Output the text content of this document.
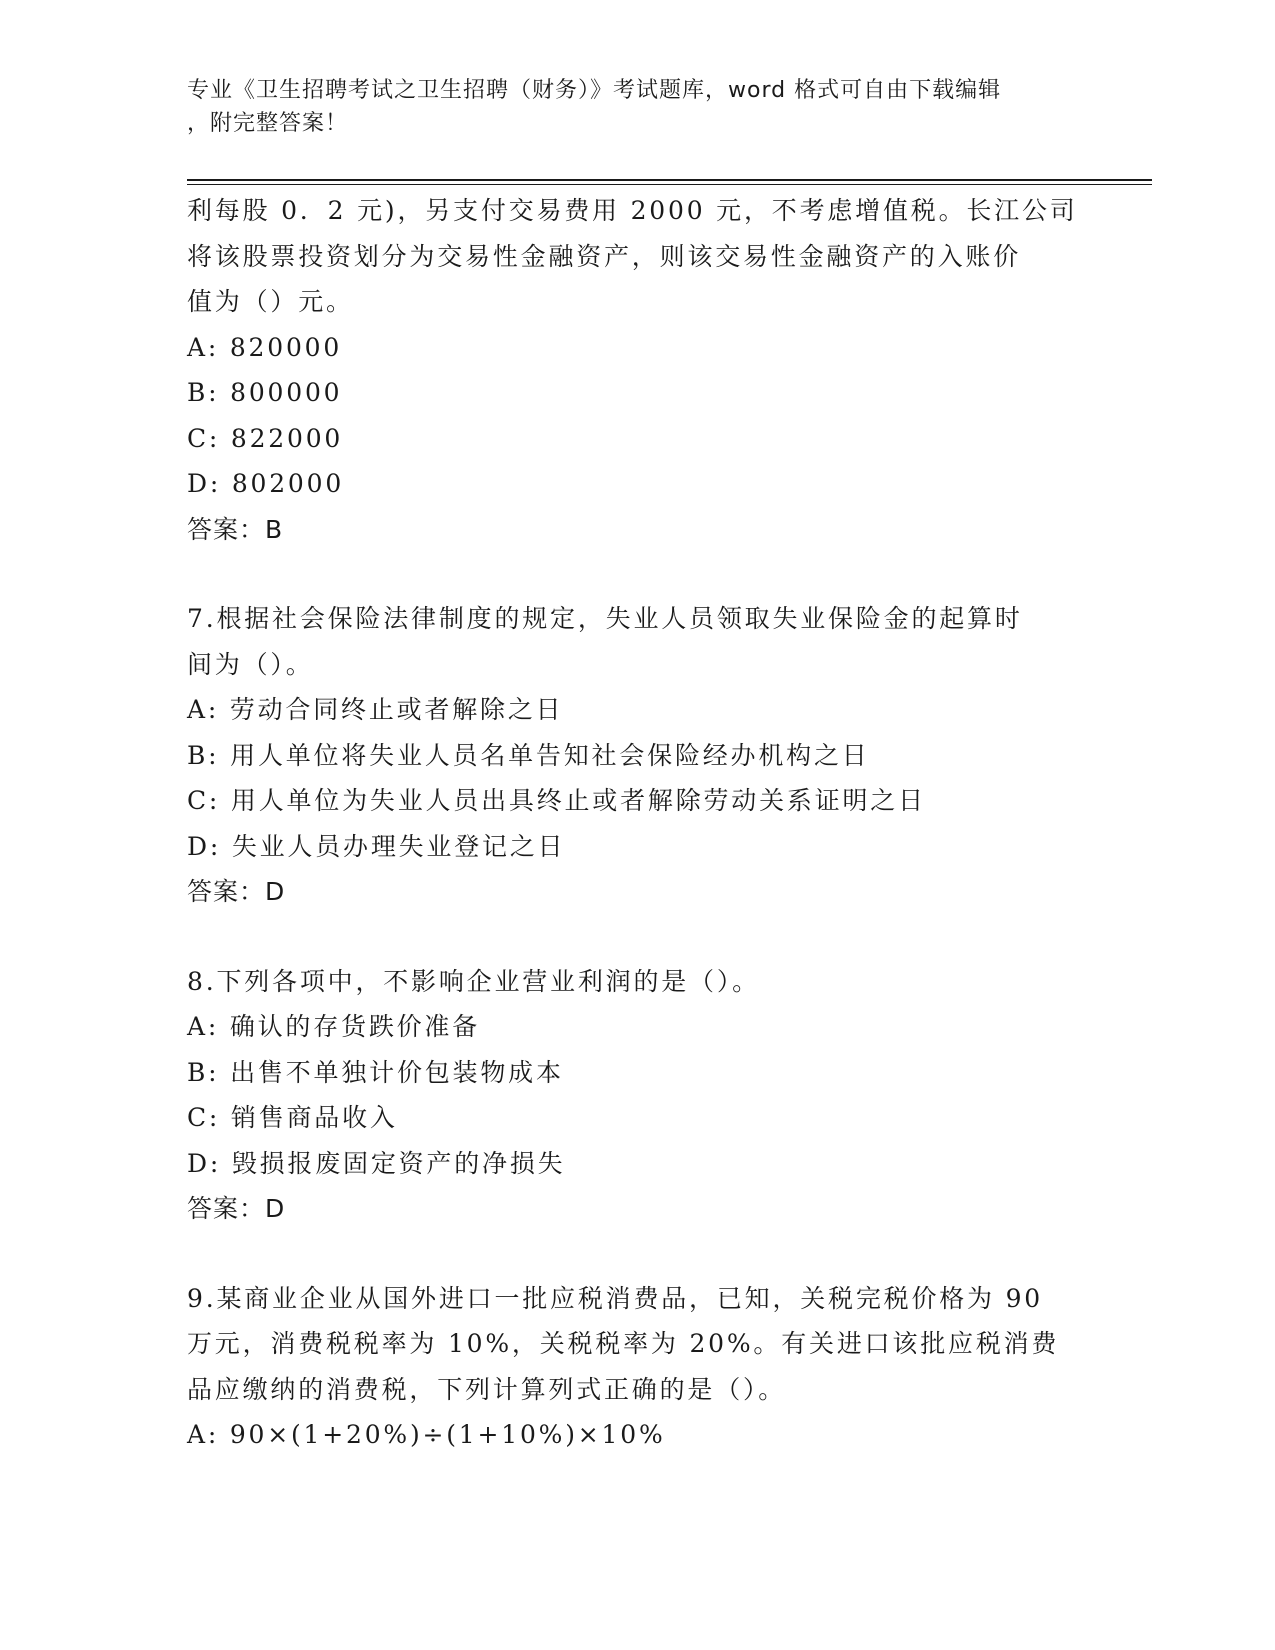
专业《卫生招聘考试之卫生招聘（财务）》考试题库，word 格式可自由下载编辑
，附完整答案！
利每股 0．2 元)，另支付交易费用 2000 元，不考虑增值税。长江公司
将该股票投资划分为交易性金融资产，则该交易性金融资产的入账价
值为（）元。
A: 820000
B: 800000
C: 822000
D: 802000
答案：B
7.根据社会保险法律制度的规定，失业人员领取失业保险金的起算时
间为（）。
A: 劳动合同终止或者解除之日
B: 用人单位将失业人员名单告知社会保险经办机构之日
C: 用人单位为失业人员出具终止或者解除劳动关系证明之日
D: 失业人员办理失业登记之日
答案：D
8.下列各项中，不影响企业营业利润的是（）。
A: 确认的存货跌价准备
B: 出售不单独计价包装物成本
C: 销售商品收入
D: 毁损报废固定资产的净损失
答案：D
9.某商业企业从国外进口一批应税消费品，已知，关税完税价格为 90
万元，消费税税率为 10%，关税税率为 20%。有关进口该批应税消费
品应缴纳的消费税，下列计算列式正确的是（）。
A: 90×(1+20%)÷(1+10%)×10%
